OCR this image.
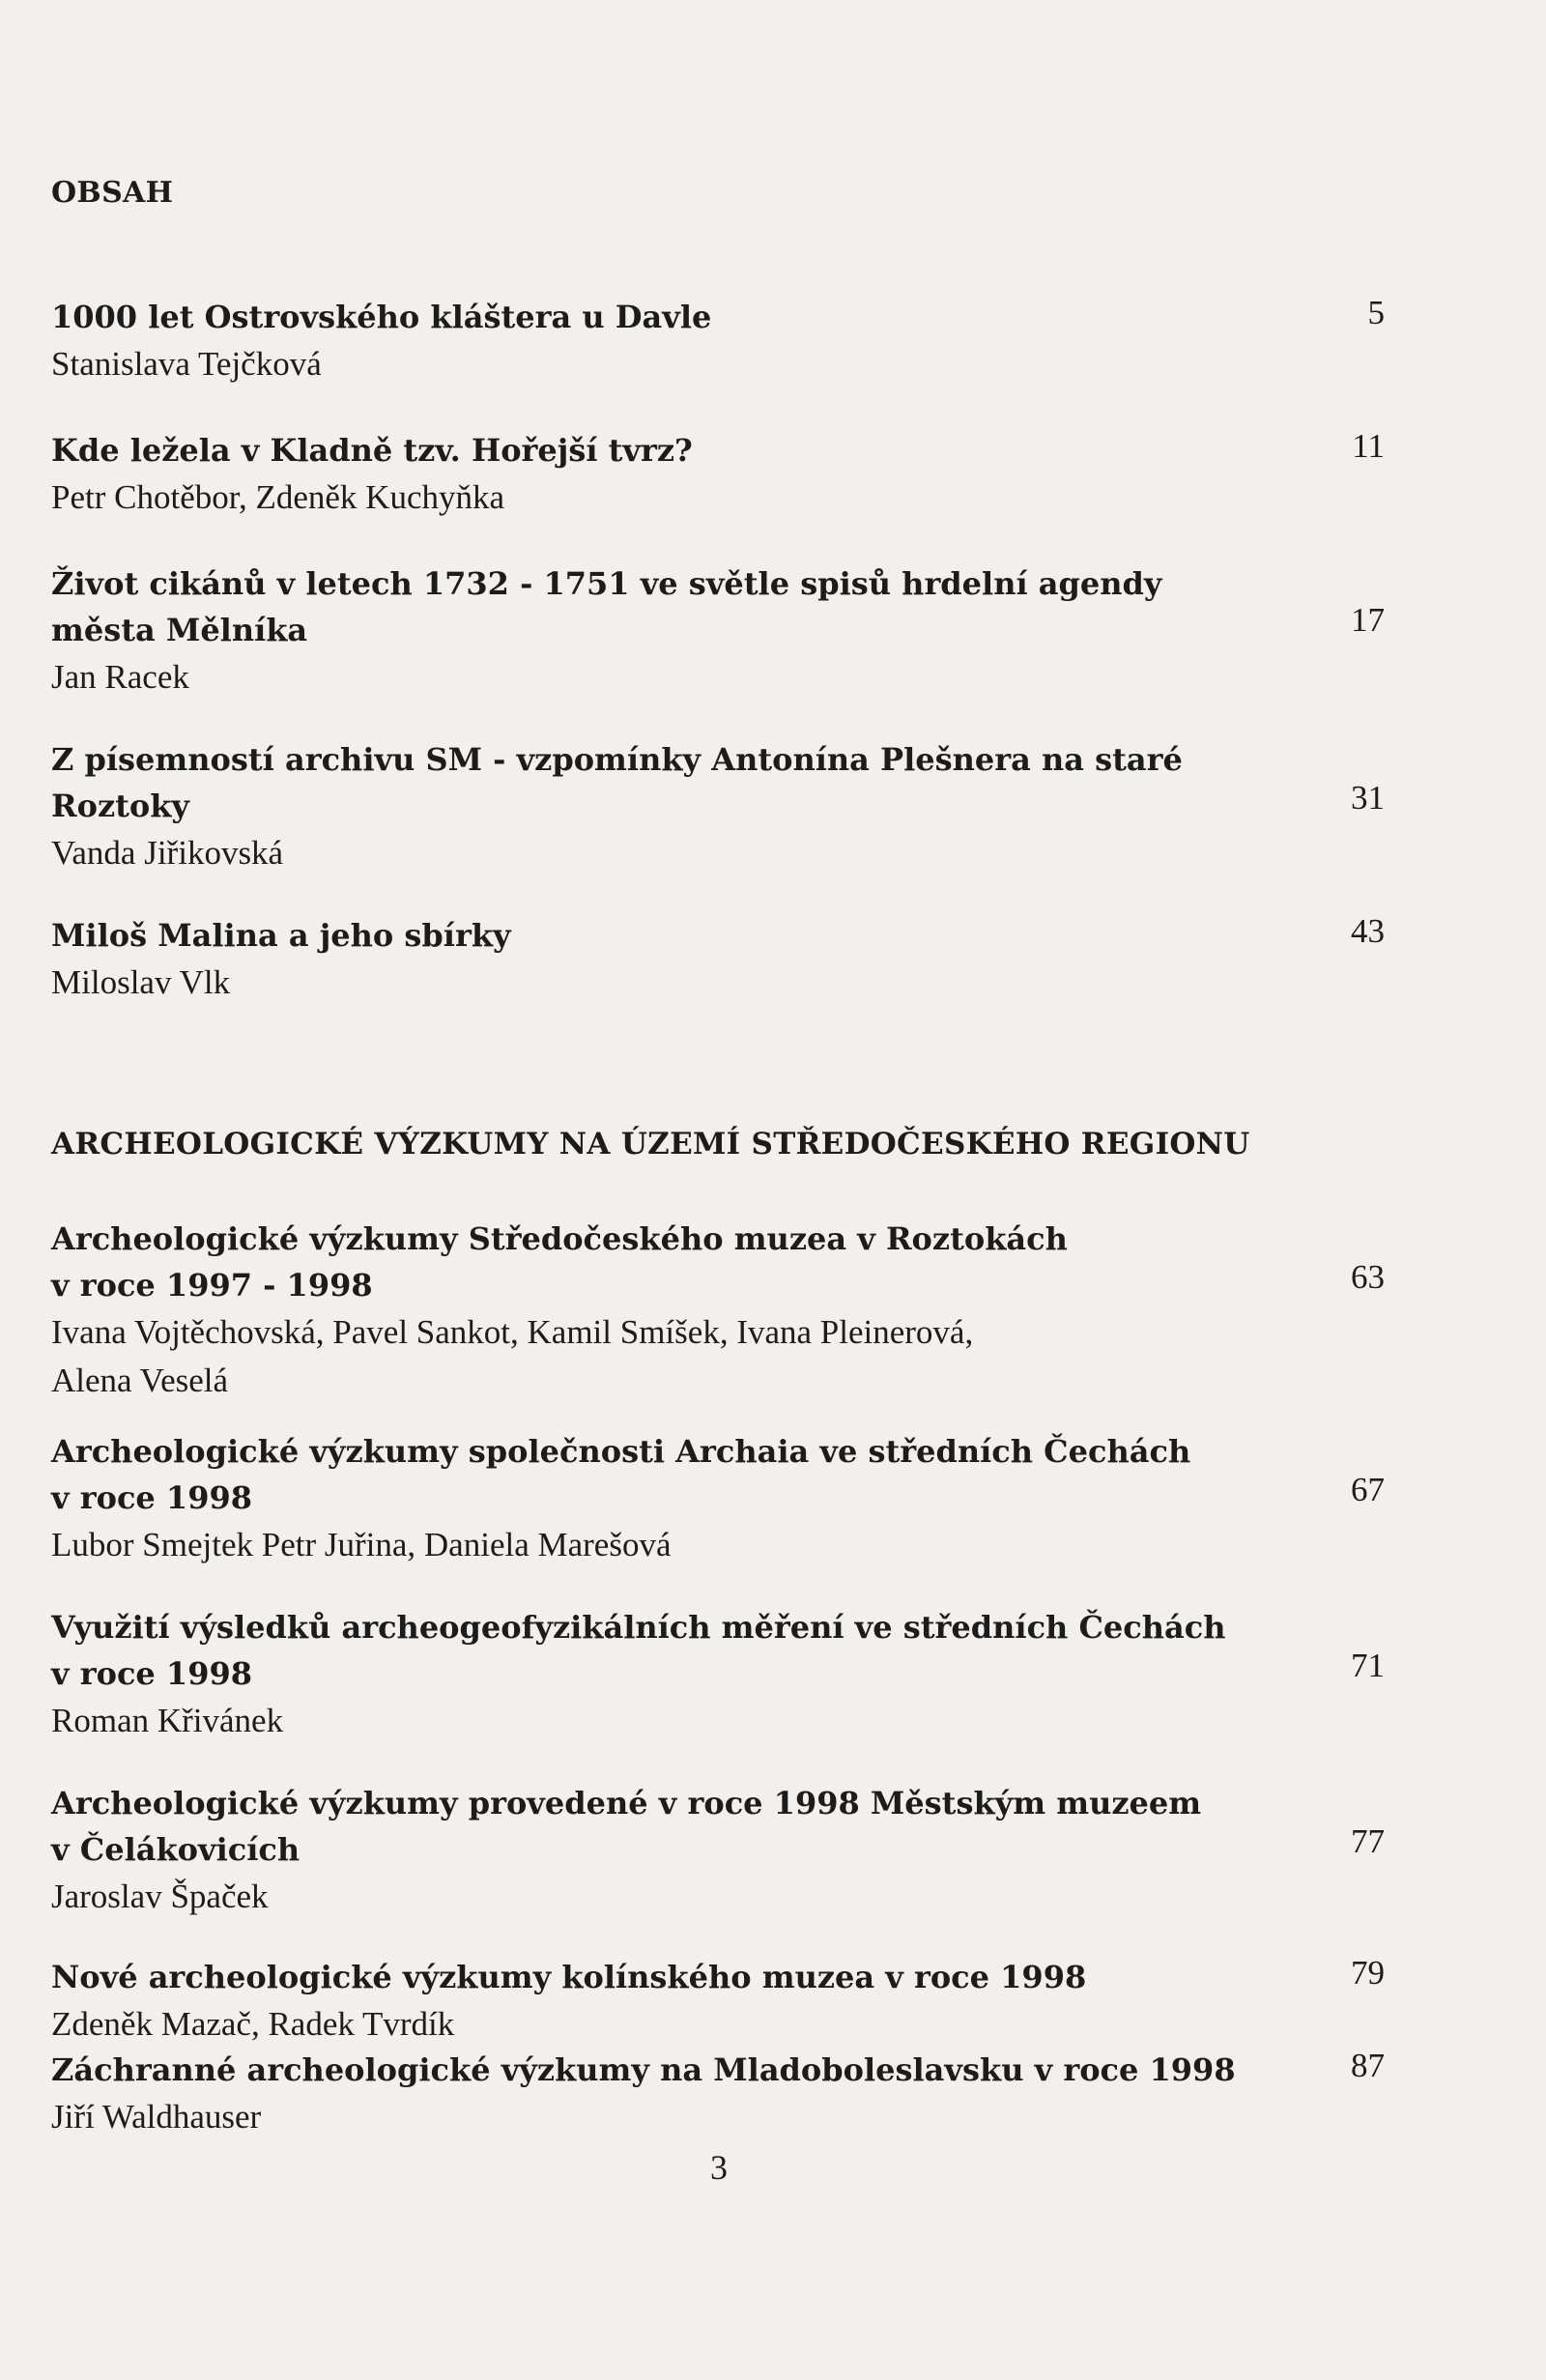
OBSAH
1000 let Ostrovského kláštera u Davle
Stanislava Tejčková
5
Kde ležela v Kladně tzv. Hořejší tvrz?
Petr Chotěbor, Zdeněk Kuchyňka
11
Život cikánů v letech 1732 - 1751 ve světle spisů hrdelní agendy
města Mělníka
Jan Racek
17
Z písemností archivu SM - vzpomínky Antonína Plešnera na staré
Roztoky
Vanda Jiřikovská
31
Miloš Malina a jeho sbírky
Miloslav Vlk
43
ARCHEOLOGICKÉ VÝZKUMY NA ÚZEMÍ STŘEDOČESKÉHO REGIONU
Archeologické výzkumy Středočeského muzea v Roztokách
v roce 1997 - 1998
Ivana Vojtěchovská, Pavel Sankot, Kamil Smíšek, Ivana Pleinerová,
Alena Veselá
63
Archeologické výzkumy společnosti Archaia ve středních Čechách
v roce 1998
Lubor Smejtek Petr Juřina, Daniela Marešová
67
Využití výsledků archeogeofyzikálních měření ve středních Čechách
v roce 1998
Roman Křivánek
71
Archeologické výzkumy provedené v roce 1998 Městským muzeem
v Čelákovicích
Jaroslav Špaček
77
Nové archeologické výzkumy kolínského muzea v roce 1998
Zdeněk Mazač, Radek Tvrdík
79
Záchranné archeologické výzkumy na Mladoboleslavsku v roce 1998
Jiří Waldhauser
87
3
